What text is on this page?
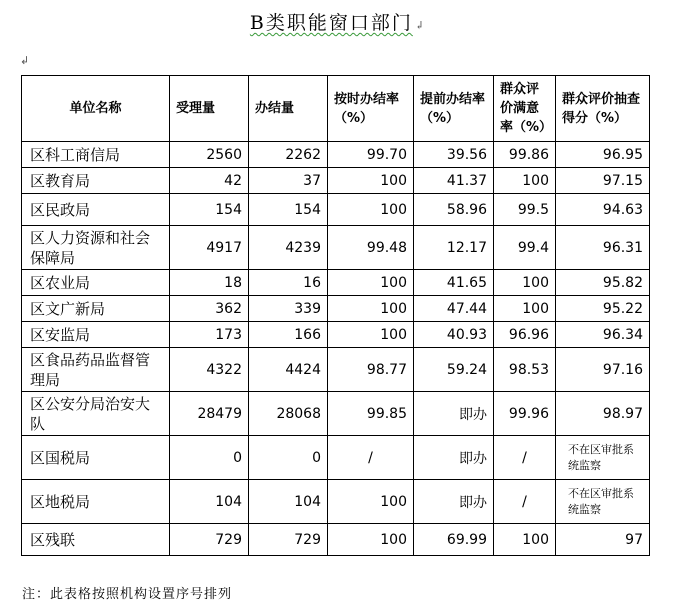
B类职能窗口部门 ↲
↲
单位名称	受理量	办结量	按时办结率（%）	提前办结率（%）	群众评价满意率（%）	群众评价抽查得分（%）
区科工商信局	2560	2262	99.70	39.56	99.86	96.95
区教育局	42	37	100	41.37	100	97.15
区民政局	154	154	100	58.96	99.5	94.63
区人力资源和社会保障局	4917	4239	99.48	12.17	99.4	96.31
区农业局	18	16	100	41.65	100	95.82
区文广新局	362	339	100	47.44	100	95.22
区安监局	173	166	100	40.93	96.96	96.34
区食品药品监督管理局	4322	4424	98.77	59.24	98.53	97.16
区公安分局治安大队	28479	28068	99.85	即办	99.96	98.97
区国税局	0	0	/	即办	/	不在区审批系统监察
区地税局	104	104	100	即办	/	不在区审批系统监察
区残联	729	729	100	69.99	100	97
注：此表格按照机构设置序号排列
